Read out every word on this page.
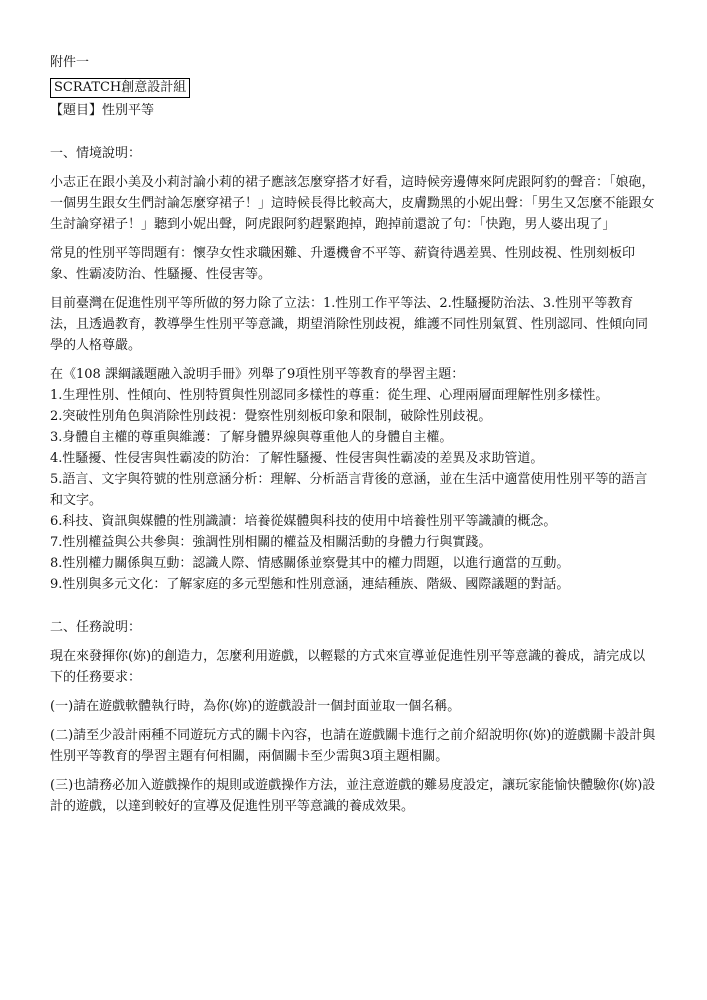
附件一

SCRATCH創意設計組

【題目】性別平等

一、情境說明：

小志正在跟小美及小莉討論小莉的裙子應該怎麼穿搭才好看，這時候旁邊傳來阿虎跟阿豹的聲音：「娘砲，一個男生跟女生們討論怎麼穿裙子！」這時候長得比較高大，皮膚黝黑的小妮出聲：「男生又怎麼不能跟女生討論穿裙子！」聽到小妮出聲，阿虎跟阿豹趕緊跑掉，跑掉前還說了句：「快跑，男人婆出現了」

常見的性別平等問題有：懷孕女性求職困難、升遷機會不平等、薪資待遇差異、性別歧視、性別刻板印象、性霸凌防治、性騷擾、性侵害等。

目前臺灣在促進性別平等所做的努力除了立法：1.性別工作平等法、2.性騷擾防治法、3.性別平等教育法，且透過教育，教導學生性別平等意識，期望消除性別歧視，維護不同性別氣質、性別認同、性傾向同學的人格尊嚴。

在《108 課綱議題融入說明手冊》列舉了9項性別平等教育的學習主題：

1.生理性別、性傾向、性別特質與性別認同多樣性的尊重：從生理、心理兩層面理解性別多樣性。

2.突破性別角色與消除性別歧視：覺察性別刻板印象和限制，破除性別歧視。

3.身體自主權的尊重與維護：了解身體界線與尊重他人的身體自主權。

4.性騷擾、性侵害與性霸凌的防治：了解性騷擾、性侵害與性霸凌的差異及求助管道。

5.語言、文字與符號的性別意涵分析：理解、分析語言背後的意涵，並在生活中適當使用性別平等的語言和文字。

6.科技、資訊與媒體的性別識讀：培養從媒體與科技的使用中培養性別平等識讀的概念。

7.性別權益與公共參與：強調性別相關的權益及相關活動的身體力行與實踐。

8.性別權力關係與互動：認識人際、情感關係並察覺其中的權力問題，以進行適當的互動。

9.性別與多元文化：了解家庭的多元型態和性別意涵，連結種族、階級、國際議題的對話。

二、任務說明：

現在來發揮你(妳)的創造力，怎麼利用遊戲，以輕鬆的方式來宣導並促進性別平等意識的養成，請完成以下的任務要求：

(一)請在遊戲軟體執行時，為你(妳)的遊戲設計一個封面並取一個名稱。

(二)請至少設計兩種不同遊玩方式的關卡內容，也請在遊戲關卡進行之前介紹說明你(妳)的遊戲關卡設計與性別平等教育的學習主題有何相關，兩個關卡至少需與3項主題相關。

(三)也請務必加入遊戲操作的規則或遊戲操作方法，並注意遊戲的難易度設定，讓玩家能愉快體驗你(妳)設計的遊戲，以達到較好的宣導及促進性別平等意識的養成效果。
